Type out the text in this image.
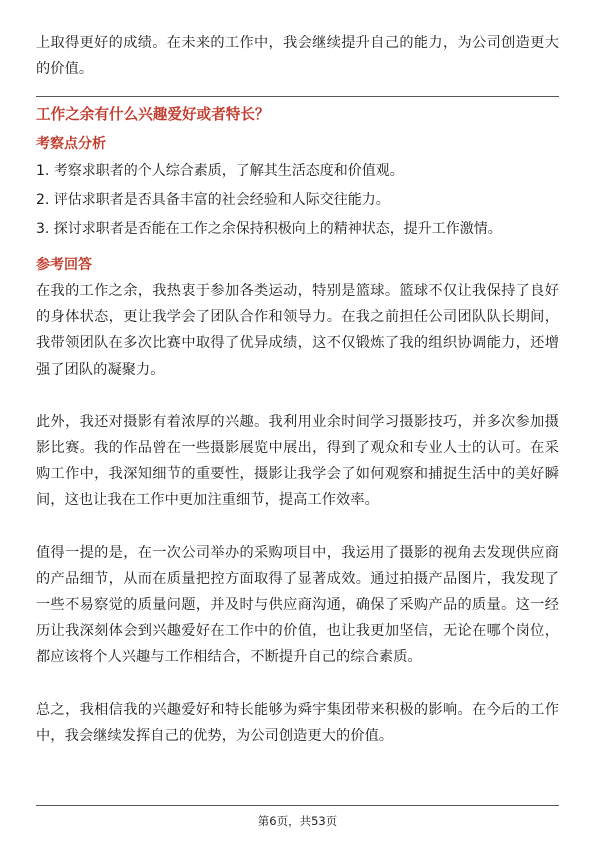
上取得更好的成绩。在未来的工作中，我会继续提升自己的能力，为公司创造更大的价值。

工作之余有什么兴趣爱好或者特长？
考察点分析
1. 考察求职者的个人综合素质，了解其生活态度和价值观。
2. 评估求职者是否具备丰富的社会经验和人际交往能力。
3. 探讨求职者是否能在工作之余保持积极向上的精神状态，提升工作激情。
参考回答

在我的工作之余，我热衷于参加各类运动，特别是篮球。篮球不仅让我保持了良好的身体状态，更让我学会了团队合作和领导力。在我之前担任公司团队队长期间，我带领团队在多次比赛中取得了优异成绩，这不仅锻炼了我的组织协调能力，还增强了团队的凝聚力。

此外，我还对摄影有着浓厚的兴趣。我利用业余时间学习摄影技巧，并多次参加摄影比赛。我的作品曾在一些摄影展览中展出，得到了观众和专业人士的认可。在采购工作中，我深知细节的重要性，摄影让我学会了如何观察和捕捉生活中的美好瞬间，这也让我在工作中更加注重细节，提高工作效率。

值得一提的是，在一次公司举办的采购项目中，我运用了摄影的视角去发现供应商的产品细节，从而在质量把控方面取得了显著成效。通过拍摄产品图片，我发现了一些不易察觉的质量问题，并及时与供应商沟通，确保了采购产品的质量。这一经历让我深刻体会到兴趣爱好在工作中的价值，也让我更加坚信，无论在哪个岗位，都应该将个人兴趣与工作相结合，不断提升自己的综合素质。

总之，我相信我的兴趣爱好和特长能够为舜宇集团带来积极的影响。在今后的工作中，我会继续发挥自己的优势，为公司创造更大的价值。

第6页，共53页
